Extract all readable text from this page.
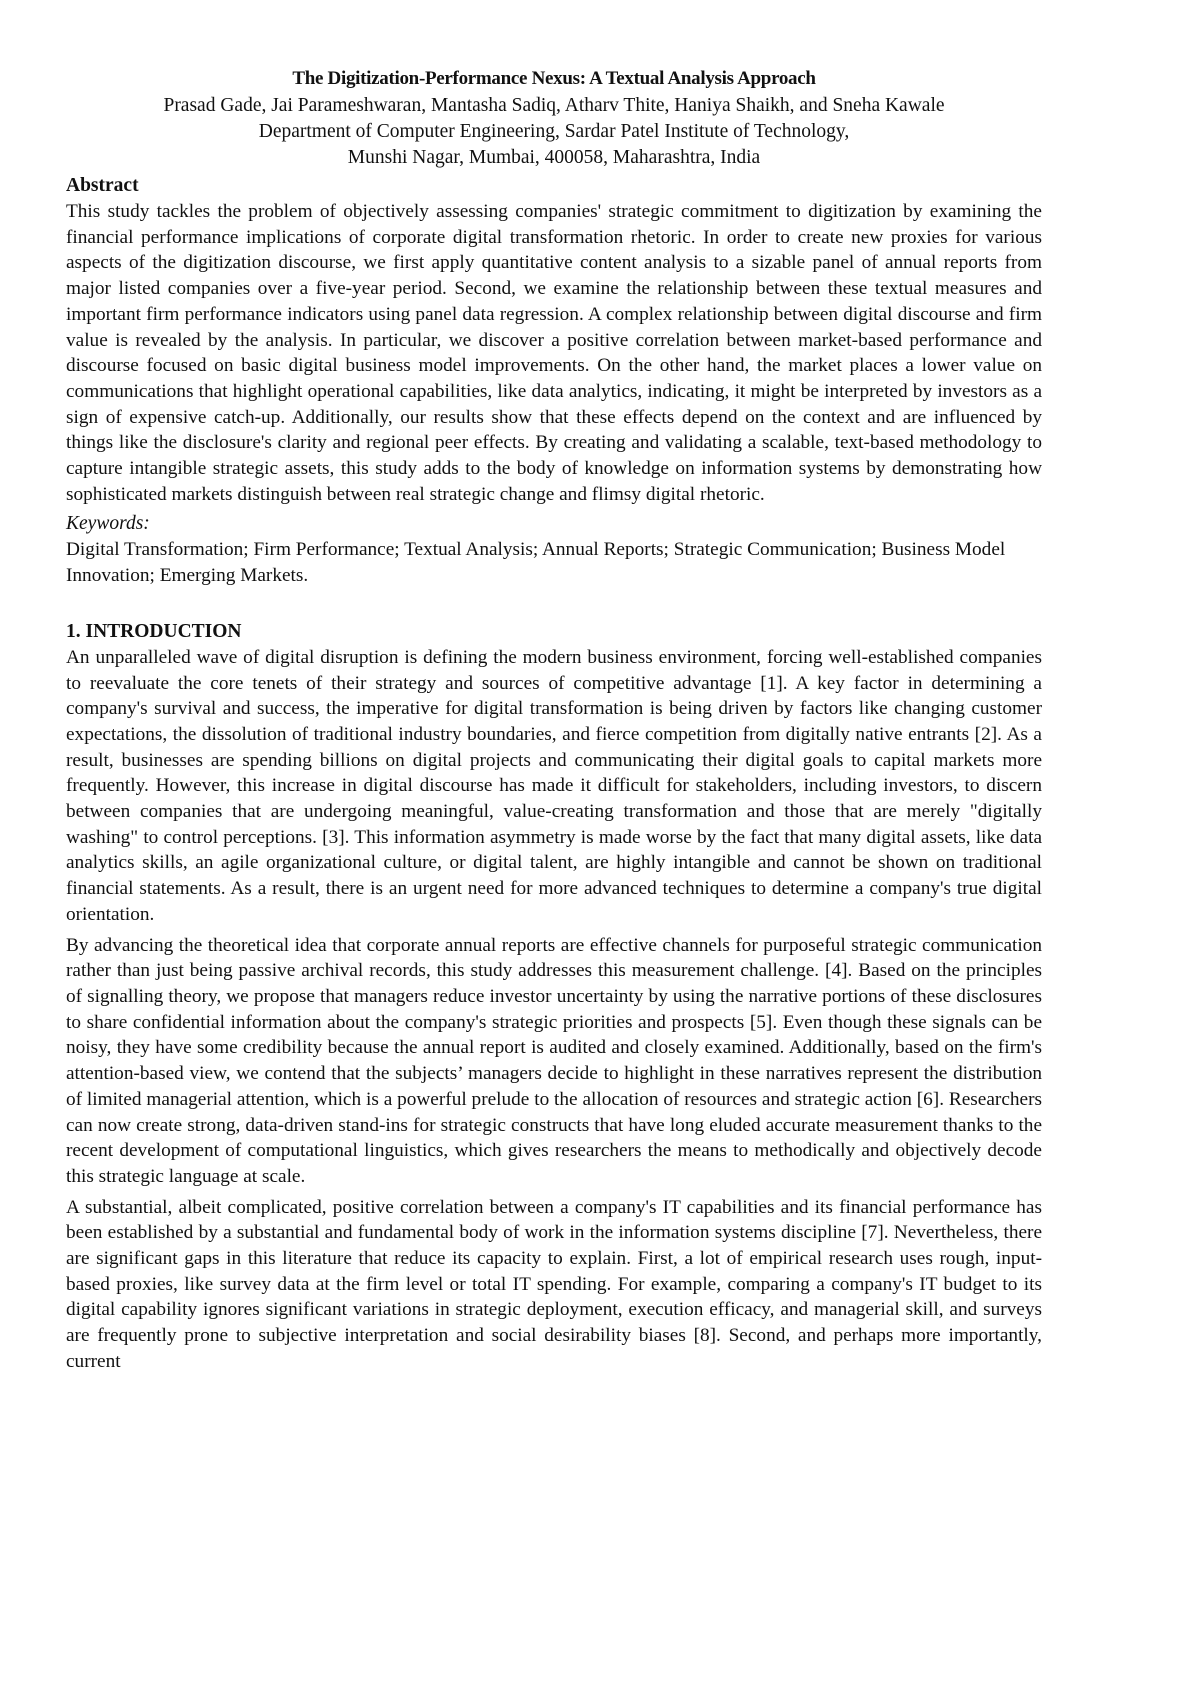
The Digitization-Performance Nexus: A Textual Analysis Approach
Prasad Gade, Jai Parameshwaran, Mantasha Sadiq, Atharv Thite, Haniya Shaikh, and Sneha Kawale
Department of Computer Engineering, Sardar Patel Institute of Technology,
Munshi Nagar, Mumbai, 400058, Maharashtra, India
Abstract

This study tackles the problem of objectively assessing companies' strategic commitment to digitization by examining the financial performance implications of corporate digital transformation rhetoric. In order to create new proxies for various aspects of the digitization discourse, we first apply quantitative content analysis to a sizable panel of annual reports from major listed companies over a five-year period. Second, we examine the relationship between these textual measures and important firm performance indicators using panel data regression. A complex relationship between digital discourse and firm value is revealed by the analysis. In particular, we discover a positive correlation between market-based performance and discourse focused on basic digital business model improvements. On the other hand, the market places a lower value on communications that highlight operational capabilities, like data analytics, indicating, it might be interpreted by investors as a sign of expensive catch-up. Additionally, our results show that these effects depend on the context and are influenced by things like the disclosure's clarity and regional peer effects. By creating and validating a scalable, text-based methodology to capture intangible strategic assets, this study adds to the body of knowledge on information systems by demonstrating how sophisticated markets distinguish between real strategic change and flimsy digital rhetoric.

Keywords:

Digital Transformation; Firm Performance; Textual Analysis; Annual Reports; Strategic Communication; Business Model Innovation; Emerging Markets.

1. INTRODUCTION

An unparalleled wave of digital disruption is defining the modern business environment, forcing well-established companies to reevaluate the core tenets of their strategy and sources of competitive advantage [1]. A key factor in determining a company's survival and success, the imperative for digital transformation is being driven by factors like changing customer expectations, the dissolution of traditional industry boundaries, and fierce competition from digitally native entrants [2]. As a result, businesses are spending billions on digital projects and communicating their digital goals to capital markets more frequently. However, this increase in digital discourse has made it difficult for stakeholders, including investors, to discern between companies that are undergoing meaningful, value-creating transformation and those that are merely "digitally washing" to control perceptions. [3]. This information asymmetry is made worse by the fact that many digital assets, like data analytics skills, an agile organizational culture, or digital talent, are highly intangible and cannot be shown on traditional financial statements. As a result, there is an urgent need for more advanced techniques to determine a company's true digital orientation.

By advancing the theoretical idea that corporate annual reports are effective channels for purposeful strategic communication rather than just being passive archival records, this study addresses this measurement challenge. [4]. Based on the principles of signalling theory, we propose that managers reduce investor uncertainty by using the narrative portions of these disclosures to share confidential information about the company's strategic priorities and prospects [5]. Even though these signals can be noisy, they have some credibility because the annual report is audited and closely examined. Additionally, based on the firm's attention-based view, we contend that the subjects’ managers decide to highlight in these narratives represent the distribution of limited managerial attention, which is a powerful prelude to the allocation of resources and strategic action [6]. Researchers can now create strong, data-driven stand-ins for strategic constructs that have long eluded accurate measurement thanks to the recent development of computational linguistics, which gives researchers the means to methodically and objectively decode this strategic language at scale.

A substantial, albeit complicated, positive correlation between a company's IT capabilities and its financial performance has been established by a substantial and fundamental body of work in the information systems discipline [7]. Nevertheless, there are significant gaps in this literature that reduce its capacity to explain. First, a lot of empirical research uses rough, input-based proxies, like survey data at the firm level or total IT spending. For example, comparing a company's IT budget to its digital capability ignores significant variations in strategic deployment, execution efficacy, and managerial skill, and surveys are frequently prone to subjective interpretation and social desirability biases [8]. Second, and perhaps more importantly, current
